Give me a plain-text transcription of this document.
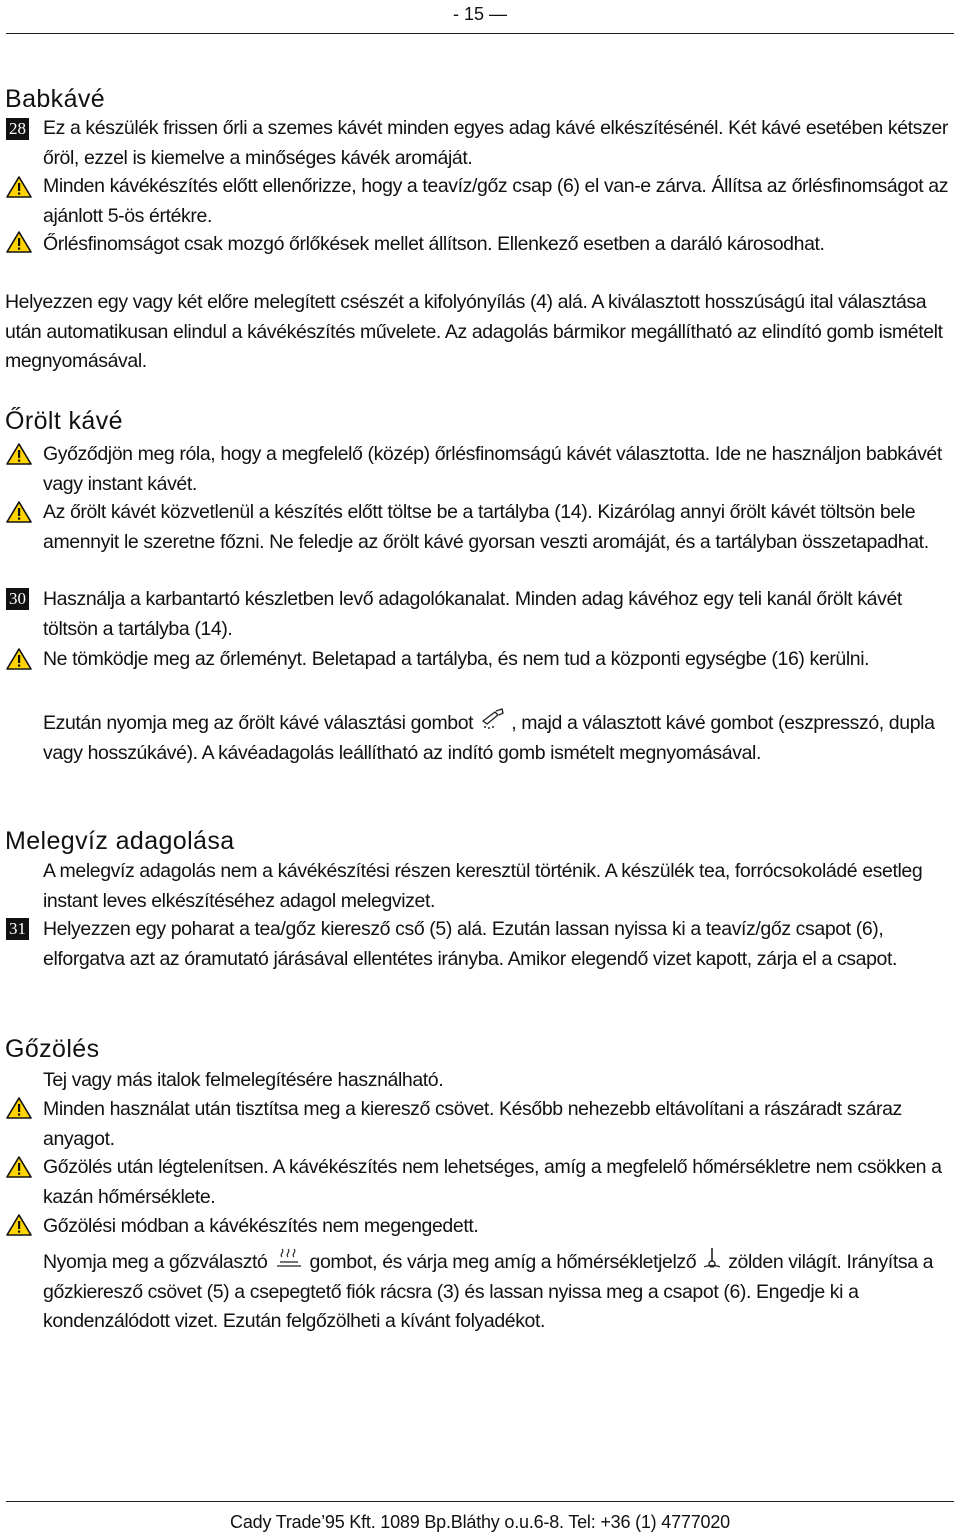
- 15 —
Babkávé
28 Ez a készülék frissen őrli a szemes kávét minden egyes adag kávé elkészítésénél. Két kávé esetében kétszer őröl, ezzel is kiemelve a minőséges kávék aromáját.

Minden kávékészítés előtt ellenőrizze, hogy a teavíz/gőz csap (6) el van-e zárva. Állítsa az őrlésfinomságot az ajánlott 5-ös értékre.

Őrlésfinomságot csak mozgó őrlőkések mellet állítson. Ellenkező esetben a daráló károsodhat.

Helyezzen egy vagy két előre melegített csészét a kifolyónyílás (4) alá. A kiválasztott hosszúságú ital választása után automatikusan elindul a kávékészítés művelete. Az adagolás bármikor megállítható az elindító gomb ismételt megnyomásával.

Őrölt kávé

Győződjön meg róla, hogy a megfelelő (közép) őrlésfinomságú kávét választotta. Ide ne használjon babkávét vagy instant kávét.

Az őrölt kávét közvetlenül a készítés előtt töltse be a tartályba (14). Kizárólag annyi őrölt kávét töltsön bele amennyit le szeretne főzni. Ne feledje az őrölt kávé gyorsan veszti aromáját, és a tartályban összetapadhat.

30 Használja a karbantartó készletben levő adagolókanalat. Minden adag kávéhoz egy teli kanál őrölt kávét töltsön a tartályba (14).

Ne tömködje meg az őrleményt. Beletapad a tartályba, és nem tud a központi egységbe (16) kerülni.

Ezután nyomja meg az őrölt kávé választási gombot , majd a választott kávé gombot (eszpresszó, dupla vagy hosszúkávé). A kávéadagolás leállítható az indító gomb ismételt megnyomásával.

Melegvíz adagolása

A melegvíz adagolás nem a kávékészítési részen keresztül történik. A készülék tea, forrócsokoládé esetleg instant leves elkészítéséhez adagol melegvizet.

31 Helyezzen egy poharat a tea/gőz kieresző cső (5) alá. Ezután lassan nyissa ki a teavíz/gőz csapot (6), elforgatva azt az óramutató járásával ellentétes irányba. Amikor elegendő vizet kapott, zárja el a csapot.

Gőzölés

Tej vagy más italok felmelegítésére használható.

Minden használat után tisztítsa meg a kieresző csövet. Később nehezebb eltávolítani a rászáradt száraz anyagot.

Gőzölés után légtelenítsen. A kávékészítés nem lehetséges, amíg a megfelelő hőmérsékletre nem csökken a kazán hőmérséklete.

Gőzölési módban a kávékészítés nem megengedett.

Nyomja meg a gőzválasztó gombot, és várja meg amíg a hőmérsékletjelző zölden világít. Irányítsa a gőzkieresző csövet (5) a csepegtető fiók rácsra (3) és lassan nyissa meg a csapot (6). Engedje ki a kondenzálódott vizet. Ezután felgőzölheti a kívánt folyadékot.

Cady Trade’95 Kft. 1089 Bp.Bláthy o.u.6-8. Tel: +36 (1) 4777020
